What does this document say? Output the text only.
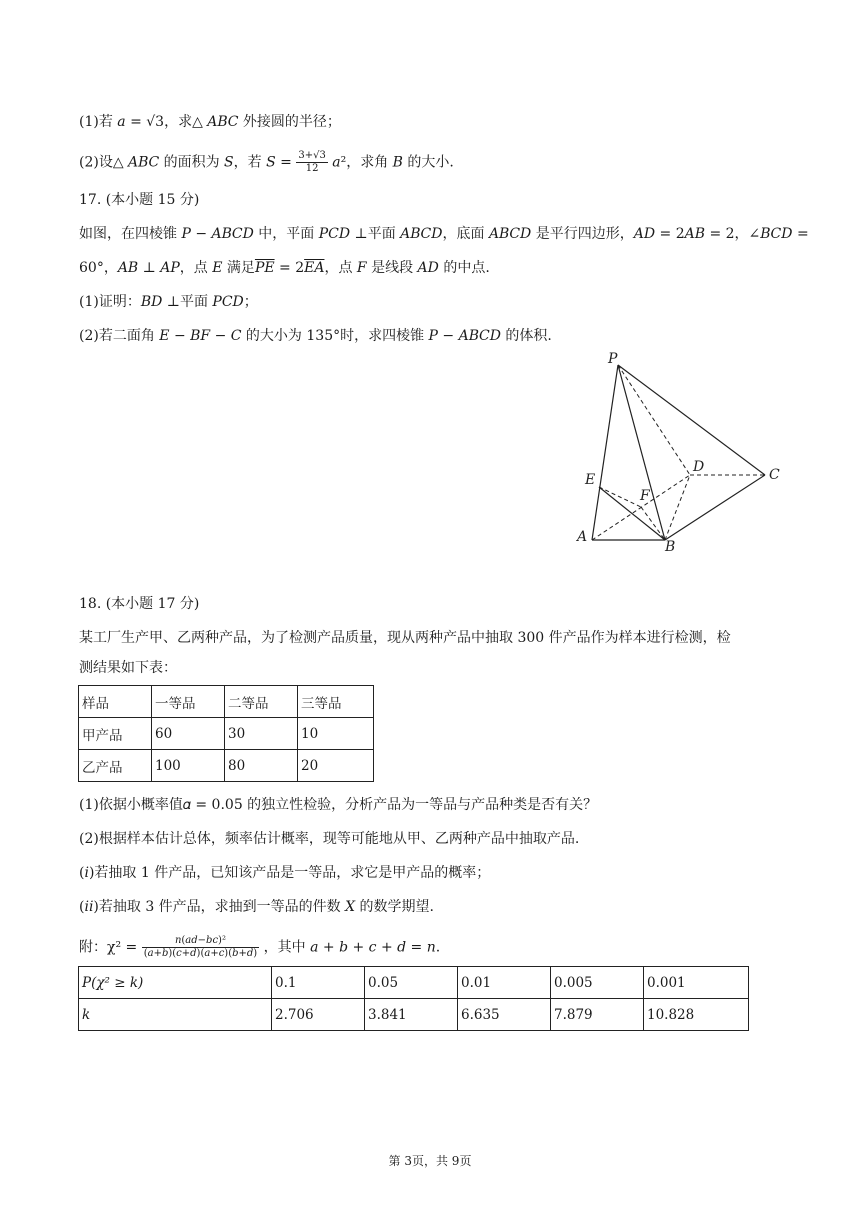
(1)若 𝑎 = √3，求△ 𝐴𝐵𝐶 外接圆的半径；
(2)设△ 𝐴𝐵𝐶 的面积为 𝑆，若 𝑆 = $\frac{3+√3}{12}$ 𝑎²，求角 𝐵 的大小.
17. (本小题 15 分)
如图，在四棱锥 𝑃 − 𝐴𝐵𝐶𝐷 中，平面 𝑃𝐶𝐷 ⊥平面 𝐴𝐵𝐶𝐷，底面 𝐴𝐵𝐶𝐷 是平行四边形，𝐴𝐷 = 2𝐴𝐵 = 2，∠𝐵𝐶𝐷 =
60°，𝐴𝐵 ⊥ 𝐴𝑃，点 𝐸 满足𝑃𝐸 = 2𝐸𝐴，点 𝐹 是线段 𝐴𝐷 的中点.
(1)证明：𝐵𝐷 ⊥平面 𝑃𝐶𝐷；
(2)若二面角 𝐸 − 𝐵𝐹 − 𝐶 的大小为 135°时，求四棱锥 𝑃 − 𝐴𝐵𝐶𝐷 的体积.
P
E
D	C
F
A
B
18. (本小题 17 分)
某工厂生产甲、乙两种产品，为了检测产品质量，现从两种产品中抽取 300 件产品作为样本进行检测，检
测结果如下表：
样品	一等品	二等品	三等品
甲产品	60	30	10
乙产品	100	80	20
(1)依据小概率值𝛼 = 0.05 的独立性检验，分析产品为一等品与产品种类是否有关？
(2)根据样本估计总体，频率估计概率，现等可能地从甲、乙两种产品中抽取产品.
(𝑖)若抽取 1 件产品，已知该产品是一等品，求它是甲产品的概率；
(𝑖𝑖)若抽取 3 件产品，求抽到一等品的件数 𝑋 的数学期望.
附：$\chi^2 = \frac{\text{𝑛(𝑎𝑑−𝑏𝑐)²}}{\text{(𝑎+𝑏)(𝑐+𝑑)(𝑎+𝑐)(𝑏+𝑑)}}$ ，其中 𝑎 + 𝑏 + 𝑐 + 𝑑 = 𝑛.
𝑃(χ² ≥ 𝑘)	0.1	0.05	0.01	0.005	0.001
𝑘	2.706	3.841	6.635	7.879	10.828
第 3页，共 9页
